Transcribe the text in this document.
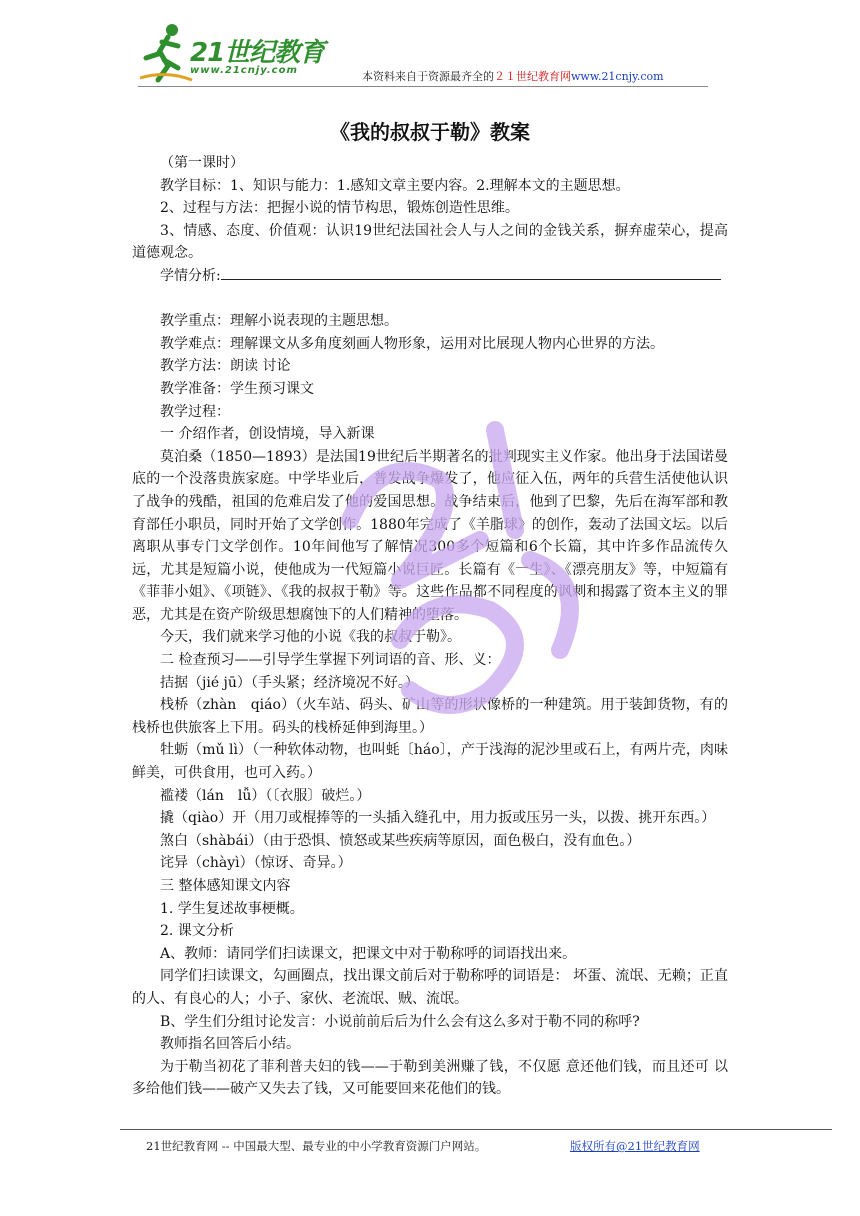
21世纪教育
www.21cnjy.com	本资料来自于资源最齐全的２１世纪教育网www.21cnjy.com
《我的叔叔于勒》教案

（第一课时）

教学目标：1、知识与能力：1.感知文章主要内容。2.理解本文的主题思想。

2、过程与方法：把握小说的情节构思，锻炼创造性思维。

3、情感、态度、价值观：认识19世纪法国社会人与人之间的金钱关系，摒弃虚荣心，提高道德观念。

学情分析:

教学重点：理解小说表现的主题思想。

教学难点：理解课文从多角度刻画人物形象，运用对比展现人物内心世界的方法。

教学方法：朗读 讨论

教学准备：学生预习课文

教学过程：

一 介绍作者，创设情境，导入新课

莫泊桑（1850—1893）是法国19世纪后半期著名的批判现实主义作家。他出身于法国诺曼底的一个没落贵族家庭。中学毕业后，普发战争爆发了，他应征入伍，两年的兵营生活使他认识了战争的残酷，祖国的危难启发了他的爱国思想。战争结束后，他到了巴黎，先后在海军部和教育部任小职员，同时开始了文学创作。1880年完成了《羊脂球》的创作，轰动了法国文坛。以后离职从事专门文学创作。10年间他写了解情况300多个短篇和6个长篇，其中许多作品流传久远，尤其是短篇小说，使他成为一代短篇小说巨匠。长篇有《一生》、《漂亮朋友》等，中短篇有《菲菲小姐》、《项链》、《我的叔叔于勒》等。这些作品都不同程度的讽刺和揭露了资本主义的罪恶，尤其是在资产阶级思想腐蚀下的人们精神的堕落。

今天，我们就来学习他的小说《我的叔叔于勒》。

二 检查预习——引导学生掌握下列词语的音、形、义：

拮据（jié jū）（手头紧；经济境况不好。）

栈桥（zhàn　qiáo）（火车站、码头、矿山等的形状像桥的一种建筑。用于装卸货物，有的栈桥也供旅客上下用。码头的栈桥延伸到海里。）

牡蛎（mǔ lì）（一种软体动物，也叫蚝〔háo〕，产于浅海的泥沙里或石上，有两片壳，肉味鲜美，可供食用，也可入药。）

褴褛（lán　lǚ）（〔衣服〕破烂。）

撬（qiào）开（用刀或棍捧等的一头插入缝孔中，用力扳或压另一头，以拨、挑开东西。）

煞白（shàbái）（由于恐惧、愤怒或某些疾病等原因，面色极白，没有血色。）

诧异（chàyì）（惊讶、奇异。）

三 整体感知课文内容

1. 学生复述故事梗概。

2. 课文分析

A、教师：请同学们扫读课文，把课文中对于勒称呼的词语找出来。

同学们扫读课文，勾画圈点，找出课文前后对于勒称呼的词语是： 坏蛋、流氓、无赖；正直的人、有良心的人；小子、家伙、老流氓、贼、流氓。

B、学生们分组讨论发言：小说前前后后为什么会有这么多对于勒不同的称呼?

教师指名回答后小结。

为于勒当初花了菲利普夫妇的钱——于勒到美洲赚了钱，不仅愿 意还他们钱，而且还可 以多给他们钱——破产又失去了钱，又可能要回来花他们的钱。

21世纪教育网 -- 中国最大型、最专业的中小学教育资源门户网站。	版权所有@21世纪教育网
